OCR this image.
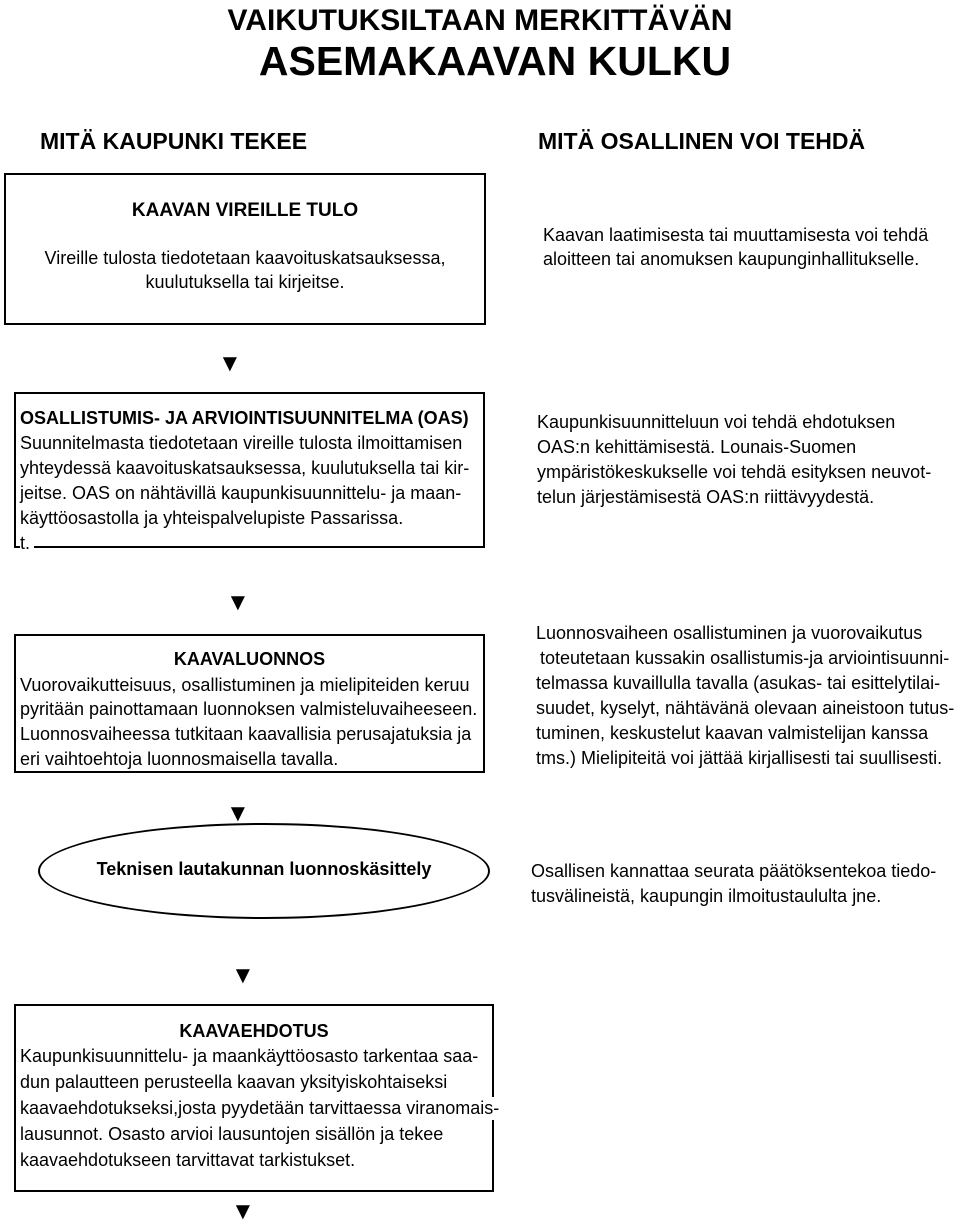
VAIKUTUKSILTAAN MERKITTÄVÄN
ASEMAKAAVAN KULKU
MITÄ KAUPUNKI TEKEE	MITÄ OSALLINEN VOI TEHDÄ
KAAVAN VIREILLE TULO
Vireille tulosta tiedotetaan kaavoituskatsauksessa,
kuulutuksella tai kirjeitse.
Kaavan laatimisesta tai muuttamisesta voi tehdä
aloitteen tai anomuksen kaupunginhallitukselle.
▼
OSALLISTUMIS- JA ARVIOINTISUUNNITELMA (OAS)
Suunnitelmasta tiedotetaan vireille tulosta ilmoittamisen
yhteydessä kaavoituskatsauksessa, kuulutuksella tai kir-
jeitse. OAS on nähtävillä kaupunkisuunnittelu- ja maan-
käyttöosastolla ja yhteispalvelupiste Passarissa.
t.
Kaupunkisuunnitteluun voi tehdä ehdotuksen
OAS:n kehittämisestä. Lounais-Suomen
ympäristökeskukselle voi tehdä esityksen neuvot-
telun järjestämisestä OAS:n riittävyydestä.
▼
KAAVALUONNOS
Vuorovaikutteisuus, osallistuminen ja mielipiteiden keruu
pyritään painottamaan luonnoksen valmisteluvaiheeseen.
Luonnosvaiheessa tutkitaan kaavallisia perusajatuksia ja
eri vaihtoehtoja luonnosmaisella tavalla.
Luonnosvaiheen osallistuminen ja vuorovaikutus
toteutetaan kussakin osallistumis-ja arviointisuunni-
telmassa kuvaillulla tavalla (asukas- tai esittelytilai-
suudet, kyselyt, nähtävänä olevaan aineistoon tutus-
tuminen, keskustelut kaavan valmistelijan kanssa
tms.) Mielipiteitä voi jättää kirjallisesti tai suullisesti.
▼
Teknisen lautakunnan luonnoskäsittely	Osallisen kannattaa seurata päätöksentekoa tiedo-
tusvälineistä, kaupungin ilmoitustaululta jne.
▼
KAAVAEHDOTUS
Kaupunkisuunnittelu- ja maankäyttöosasto tarkentaa saa-
dun palautteen perusteella kaavan yksityiskohtaiseksi
kaavaehdotukseksi,josta pyydetään tarvittaessa viranomais-
lausunnot. Osasto arvioi lausuntojen sisällön ja tekee
kaavaehdotukseen tarvittavat tarkistukset.
▼
